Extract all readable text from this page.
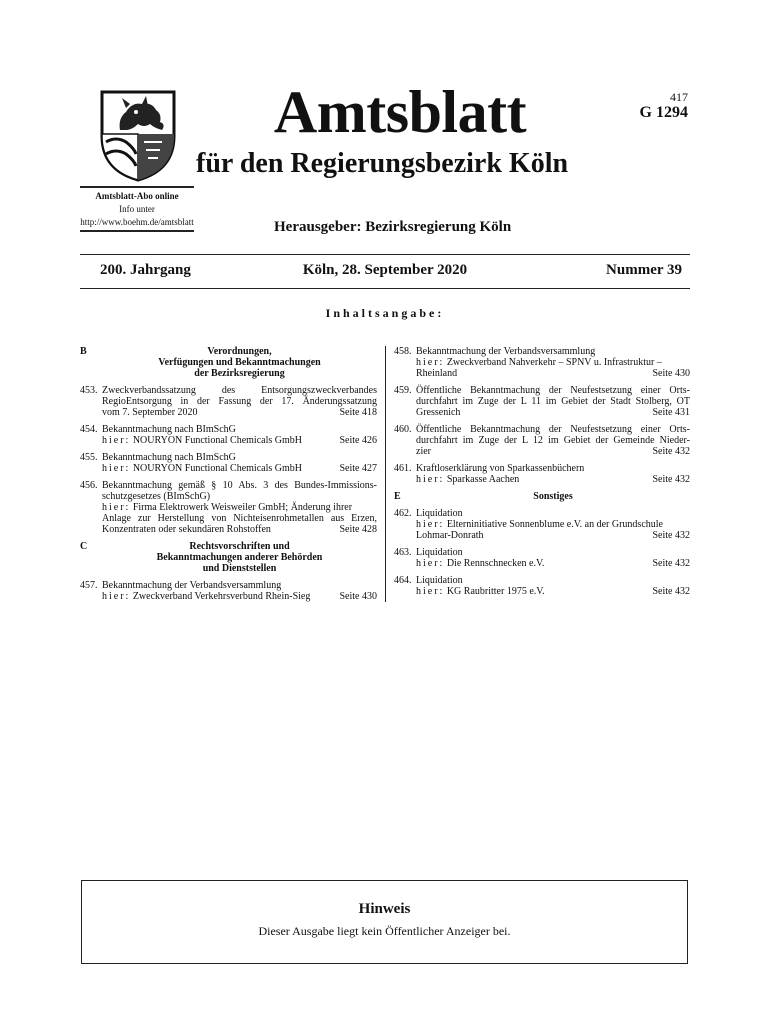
417
G 1294
Amtsblatt
für den Regierungsbezirk Köln
Amtsblatt-Abo online
Info unter
http://www.boehm.de/amtsblatt	Herausgeber: Bezirksregierung Köln
200. Jahrgang	Köln, 28. September 2020	Nummer 39
Inhaltsangabe:
B	Verordnungen,
Verfügungen und Bekanntmachungen
der Bezirksregierung
453. Zweckverbandssatzung des Entsorgungszweckverbandes
RegioEntsorgung in der Fassung der 17. Änderungssatzung
vom 7. September 2020	Seite 418
454. Bekanntmachung nach BImSchG
hier: NOURYON Functional Chemicals GmbH	Seite 426
455. Bekanntmachung nach BImSchG
hier: NOURYON Functional Chemicals GmbH	Seite 427
456. Bekanntmachung gemäß § 10 Abs. 3 des Bundes-Immissions-
schutzgesetzes (BImSchG)
hier: Firma Elektrowerk Weisweiler GmbH; Änderung ihrer
Anlage zur Herstellung von Nichteisenrohmetallen aus Erzen,
Konzentraten oder sekundären Rohstoffen	Seite 428
C	Rechtsvorschriften und
Bekanntmachungen anderer Behörden
und Dienststellen
457. Bekanntmachung der Verbandsversammlung
hier: Zweckverband Verkehrsverbund Rhein-Sieg	Seite 430
458. Bekanntmachung der Verbandsversammlung
hier: Zweckverband Nahverkehr – SPNV u. Infrastruktur –
Rheinland	Seite 430
459. Öffentliche Bekanntmachung der Neufestsetzung einer Orts-
durchfahrt im Zuge der L 11 im Gebiet der Stadt Stolberg, OT
Gressenich	Seite 431
460. Öffentliche Bekanntmachung der Neufestsetzung einer Orts-
durchfahrt im Zuge der L 12 im Gebiet der Gemeinde Nieder-
zier	Seite 432
461. Kraftloserklärung von Sparkassenbüchern
hier: Sparkasse Aachen	Seite 432
E	Sonstiges
462. Liquidation
hier: Elterninitiative Sonnenblume e.V. an der Grundschule
Lohmar-Donrath	Seite 432
463. Liquidation
hier: Die Rennschnecken e.V.	Seite 432
464. Liquidation
hier: KG Raubritter 1975 e.V.	Seite 432
Hinweis
Dieser Ausgabe liegt kein Öffentlicher Anzeiger bei.
